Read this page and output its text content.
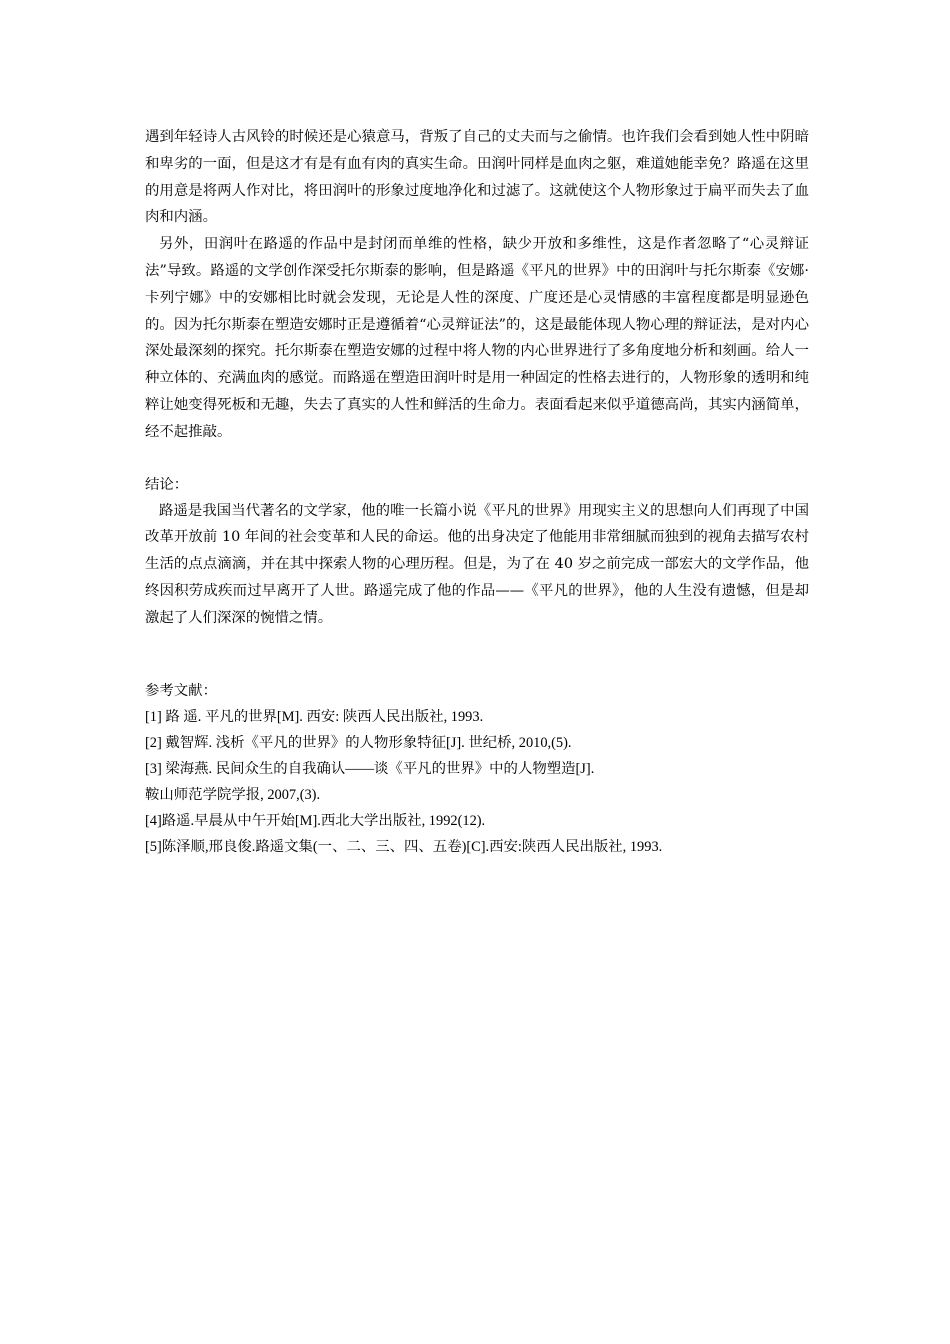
遇到年轻诗人古风铃的时候还是心猿意马，背叛了自己的丈夫而与之偷情。也许我们会看到她人性中阴暗和卑劣的一面，但是这才有是有血有肉的真实生命。田润叶同样是血肉之躯，难道她能幸免？路遥在这里的用意是将两人作对比，将田润叶的形象过度地净化和过滤了。这就使这个人物形象过于扁平而失去了血肉和内涵。

另外，田润叶在路遥的作品中是封闭而单维的性格，缺少开放和多维性，这是作者忽略了“心灵辩证法”导致。路遥的文学创作深受托尔斯泰的影响，但是路遥《平凡的世界》中的田润叶与托尔斯泰《安娜·卡列宁娜》中的安娜相比时就会发现，无论是人性的深度、广度还是心灵情感的丰富程度都是明显逊色的。因为托尔斯泰在塑造安娜时正是遵循着“心灵辩证法”的，这是最能体现人物心理的辩证法，是对内心深处最深刻的探究。托尔斯泰在塑造安娜的过程中将人物的内心世界进行了多角度地分析和刻画。给人一种立体的、充满血肉的感觉。而路遥在塑造田润叶时是用一种固定的性格去进行的，人物形象的透明和纯粹让她变得死板和无趣，失去了真实的人性和鲜活的生命力。表面看起来似乎道德高尚，其实内涵简单，经不起推敲。

结论：

路遥是我国当代著名的文学家，他的唯一长篇小说《平凡的世界》用现实主义的思想向人们再现了中国改革开放前 10 年间的社会变革和人民的命运。他的出身决定了他能用非常细腻而独到的视角去描写农村生活的点点滴滴，并在其中探索人物的心理历程。但是，为了在 40 岁之前完成一部宏大的文学作品，他终因积劳成疾而过早离开了人世。路遥完成了他的作品——《平凡的世界》，他的人生没有遗憾，但是却激起了人们深深的惋惜之情。

参考文献：

[1] 路 遥. 平凡的世界[M]. 西安: 陕西人民出版社, 1993.
[2] 戴智辉. 浅析《平凡的世界》的人物形象特征[J]. 世纪桥, 2010,(5).
[3] 梁海燕. 民间众生的自我确认——谈《平凡的世界》中的人物塑造[J].
鞍山师范学院学报, 2007,(3).
[4]路遥.早晨从中午开始[M].西北大学出版社, 1992(12).
[5]陈泽顺,邢良俊.路遥文集(一、二、三、四、五卷)[C].西安:陕西人民出版社, 1993.
